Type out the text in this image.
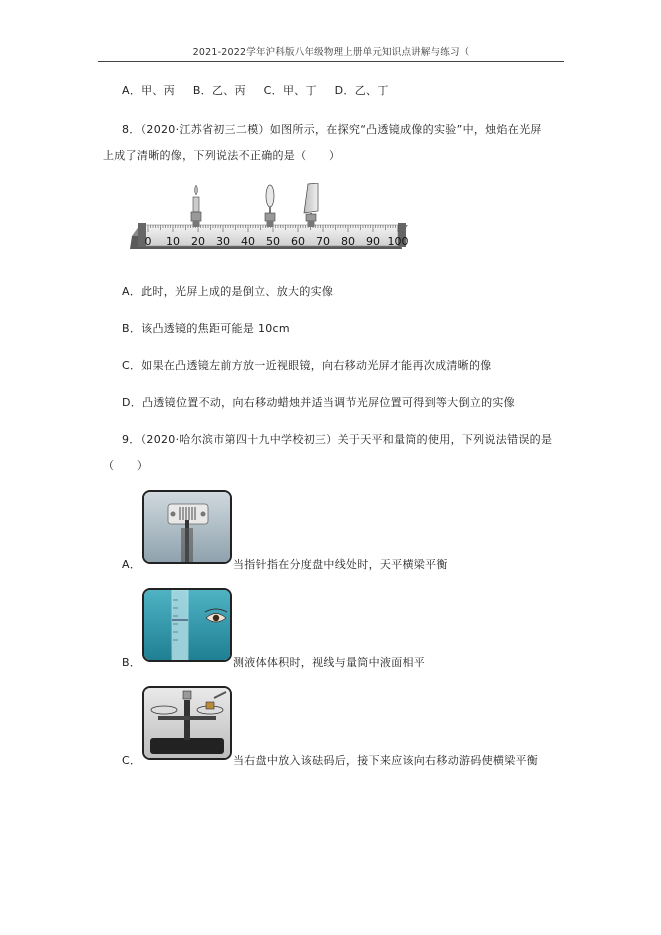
2021-2022学年沪科版八年级物理上册单元知识点讲解与练习（
A．甲、丙 B．乙、丙 C．甲、丁 D．乙、丁
8．（2020·江苏省初三二模）如图所示，在探究“凸透镜成像的实验”中，烛焰在光屏
上成了清晰的像，下列说法不正确的是（　　）
0 10 20 30 40 50 60 70 80 90 100
A．此时，光屏上成的是倒立、放大的实像
B．该凸透镜的焦距可能是 10cm
C．如果在凸透镜左前方放一近视眼镜，向右移动光屏才能再次成清晰的像
D．凸透镜位置不动，向右移动蜡烛并适当调节光屏位置可得到等大倒立的实像
9．（2020·哈尔滨市第四十九中学校初三）关于天平和量筒的使用，下列说法错误的是
（　　）
A．	当指针指在分度盘中线处时，天平横梁平衡
B．	测液体体积时，视线与量筒中液面相平
C．	当右盘中放入该砝码后，接下来应该向右移动游码使横梁平衡
